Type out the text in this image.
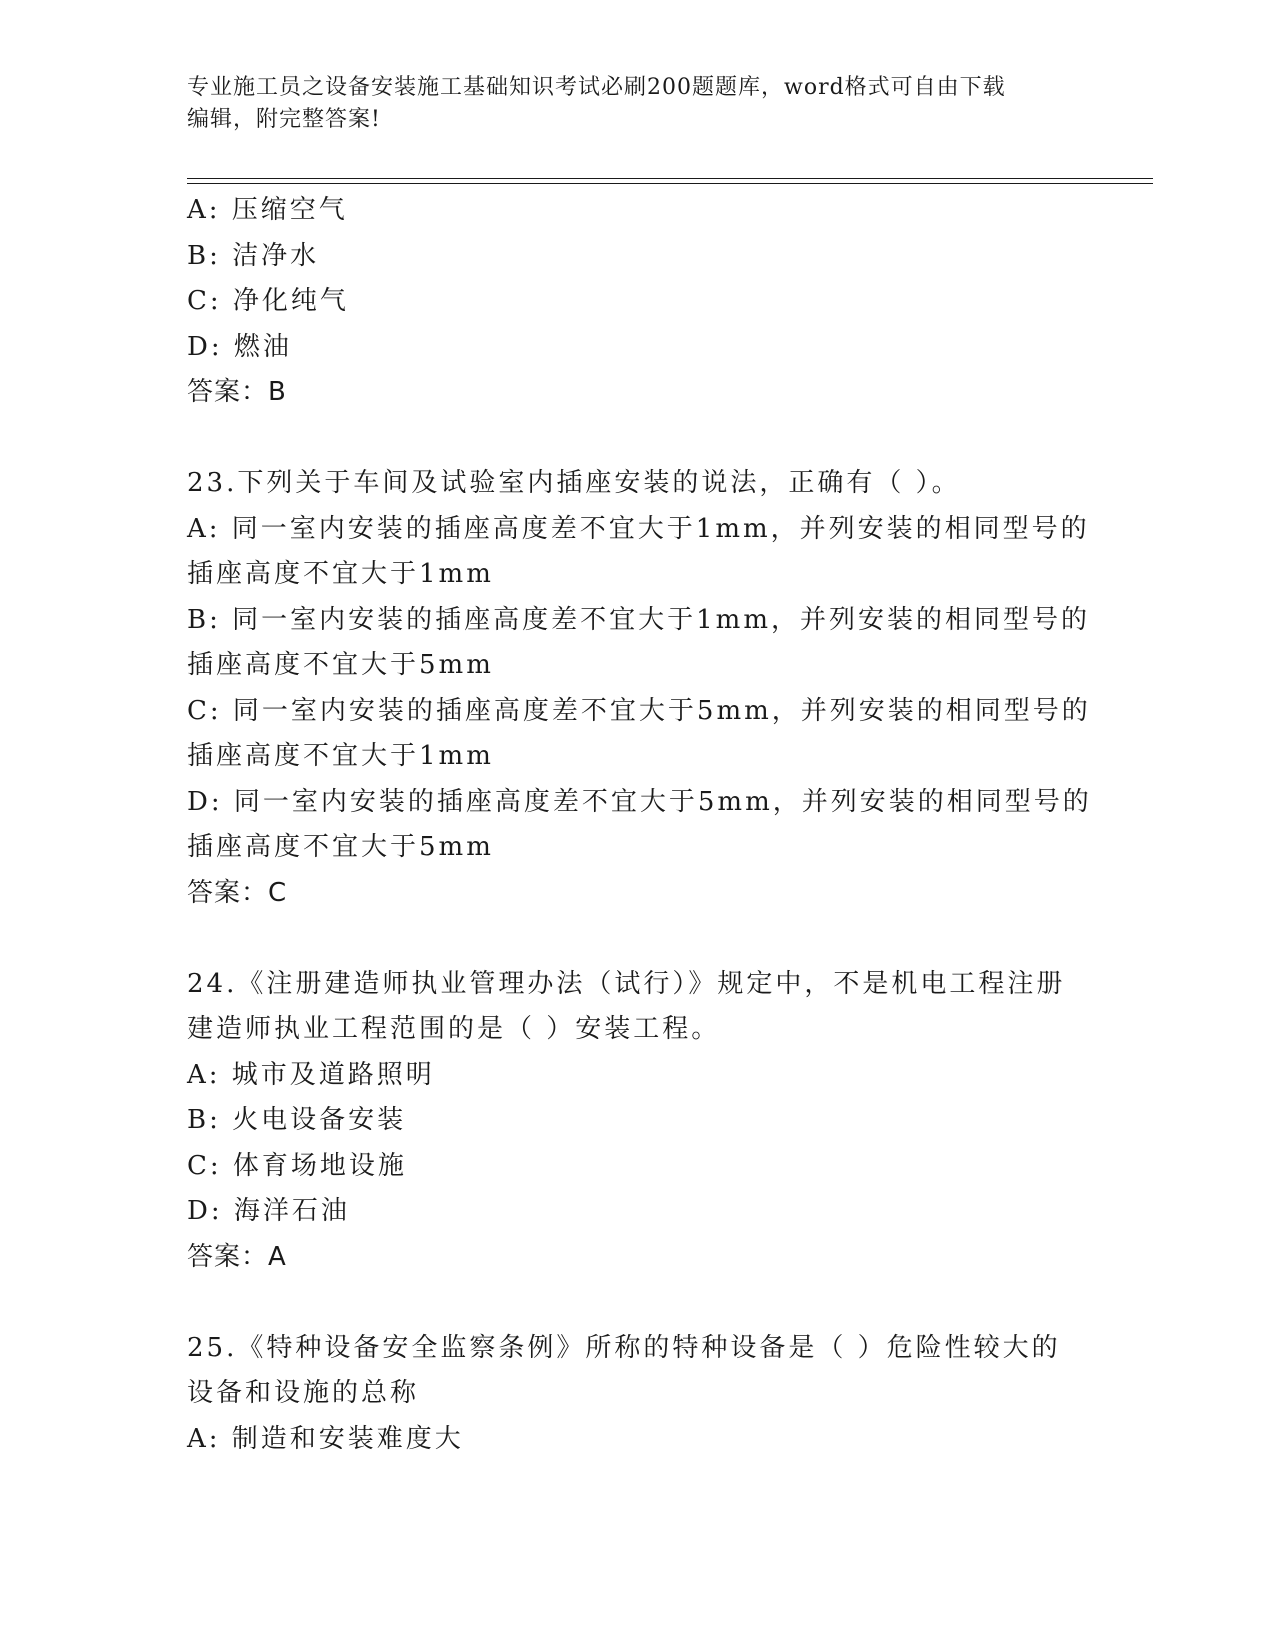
专业施工员之设备安装施工基础知识考试必刷200题题库，word格式可自由下载
编辑，附完整答案!
A: 压缩空气
B: 洁净水
C: 净化纯气
D: 燃油
答案：B
23.下列关于车间及试验室内插座安装的说法，正确有（ ）。
A: 同一室内安装的插座高度差不宜大于1mm，并列安装的相同型号的
插座高度不宜大于1mm
B: 同一室内安装的插座高度差不宜大于1mm，并列安装的相同型号的
插座高度不宜大于5mm
C: 同一室内安装的插座高度差不宜大于5mm，并列安装的相同型号的
插座高度不宜大于1mm
D: 同一室内安装的插座高度差不宜大于5mm，并列安装的相同型号的
插座高度不宜大于5mm
答案：C
24.《注册建造师执业管理办法（试行）》规定中，不是机电工程注册
建造师执业工程范围的是（ ）安装工程。
A: 城市及道路照明
B: 火电设备安装
C: 体育场地设施
D: 海洋石油
答案：A
25.《特种设备安全监察条例》所称的特种设备是（ ）危险性较大的
设备和设施的总称
A: 制造和安装难度大
